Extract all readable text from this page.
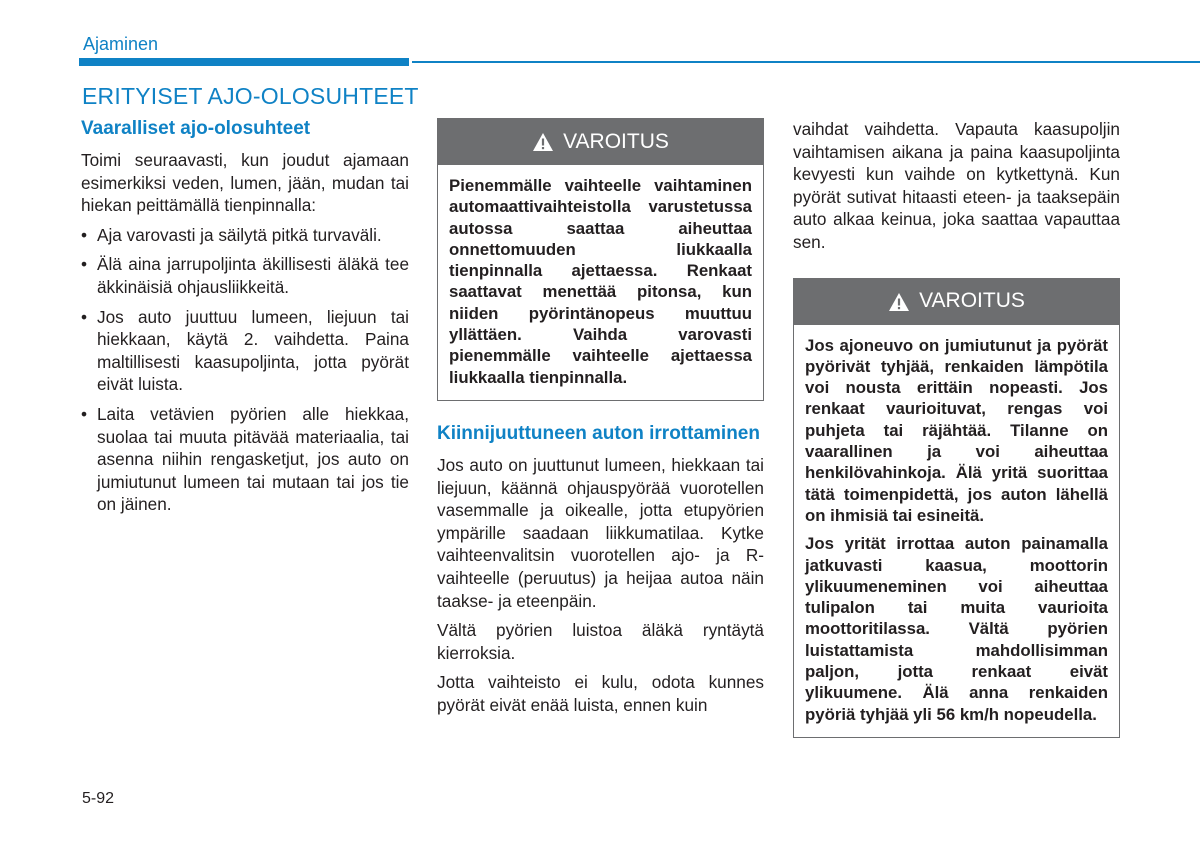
Ajaminen
ERITYISET AJO-OLOSUHTEET
Vaaralliset ajo-olosuhteet

Toimi seuraavasti, kun joudut ajamaan esimerkiksi veden, lumen, jään, mudan tai hiekan peittämällä tienpinnalla:

• Aja varovasti ja säilytä pitkä turvaväli.
• Älä aina jarrupoljinta äkillisesti äläkä tee äkkinäisiä ohjausliikkeitä.
• Jos auto juuttuu lumeen, liejuun tai hiekkaan, käytä 2. vaihdetta. Paina maltillisesti kaasupoljinta, jotta pyörät eivät luista.
• Laita vetävien pyörien alle hiekkaa, suolaa tai muuta pitävää materiaalia, tai asenna niihin rengasketjut, jos auto on jumiutunut lumeen tai mutaan tai jos tie on jäinen.
VAROITUS

Pienemmälle vaihteelle vaihtaminen automaattivaihteistolla varustetussa autossa saattaa aiheuttaa onnettomuuden liukkaalla tienpinnalla ajettaessa. Renkaat saattavat menettää pitonsa, kun niiden pyörintänopeus muuttuu yllättäen. Vaihda varovasti pienemmälle vaihteelle ajettaessa liukkaalla tienpinnalla.

Kiinnijuuttuneen auton irrottaminen

Jos auto on juuttunut lumeen, hiekkaan tai liejuun, käännä ohjauspyörää vuorotellen vasemmalle ja oikealle, jotta etupyörien ympärille saadaan liikkumatilaa. Kytke vaihteenvalitsin vuorotellen ajo- ja R-vaihteelle (peruutus) ja heijaa autoa näin taakse- ja eteenpäin.

Vältä pyörien luistoa äläkä ryntäytä kierroksia.

Jotta vaihteisto ei kulu, odota kunnes pyörät eivät enää luista, ennen kuin

vaihdat vaihdetta. Vapauta kaasupoljin vaihtamisen aikana ja paina kaasupoljinta kevyesti kun vaihde on kytkettynä. Kun pyörät sutivat hitaasti eteen- ja taaksepäin auto alkaa keinua, joka saattaa vapauttaa sen.

VAROITUS

Jos ajoneuvo on jumiutunut ja pyörät pyörivät tyhjää, renkaiden lämpötila voi nousta erittäin nopeasti. Jos renkaat vaurioituvat, rengas voi puhjeta tai räjähtää. Tilanne on vaarallinen ja voi aiheuttaa henkilövahinkoja. Älä yritä suorittaa tätä toimenpidettä, jos auton lähellä on ihmisiä tai esineitä.

Jos yrität irrottaa auton painamalla jatkuvasti kaasua, moottorin ylikuumeneminen voi aiheuttaa tulipalon tai muita vaurioita moottoritilassa. Vältä pyörien luistattamista mahdollisimman paljon, jotta renkaat eivät ylikuumene. Älä anna renkaiden pyöriä tyhjää yli 56 km/h nopeudella.

5-92
